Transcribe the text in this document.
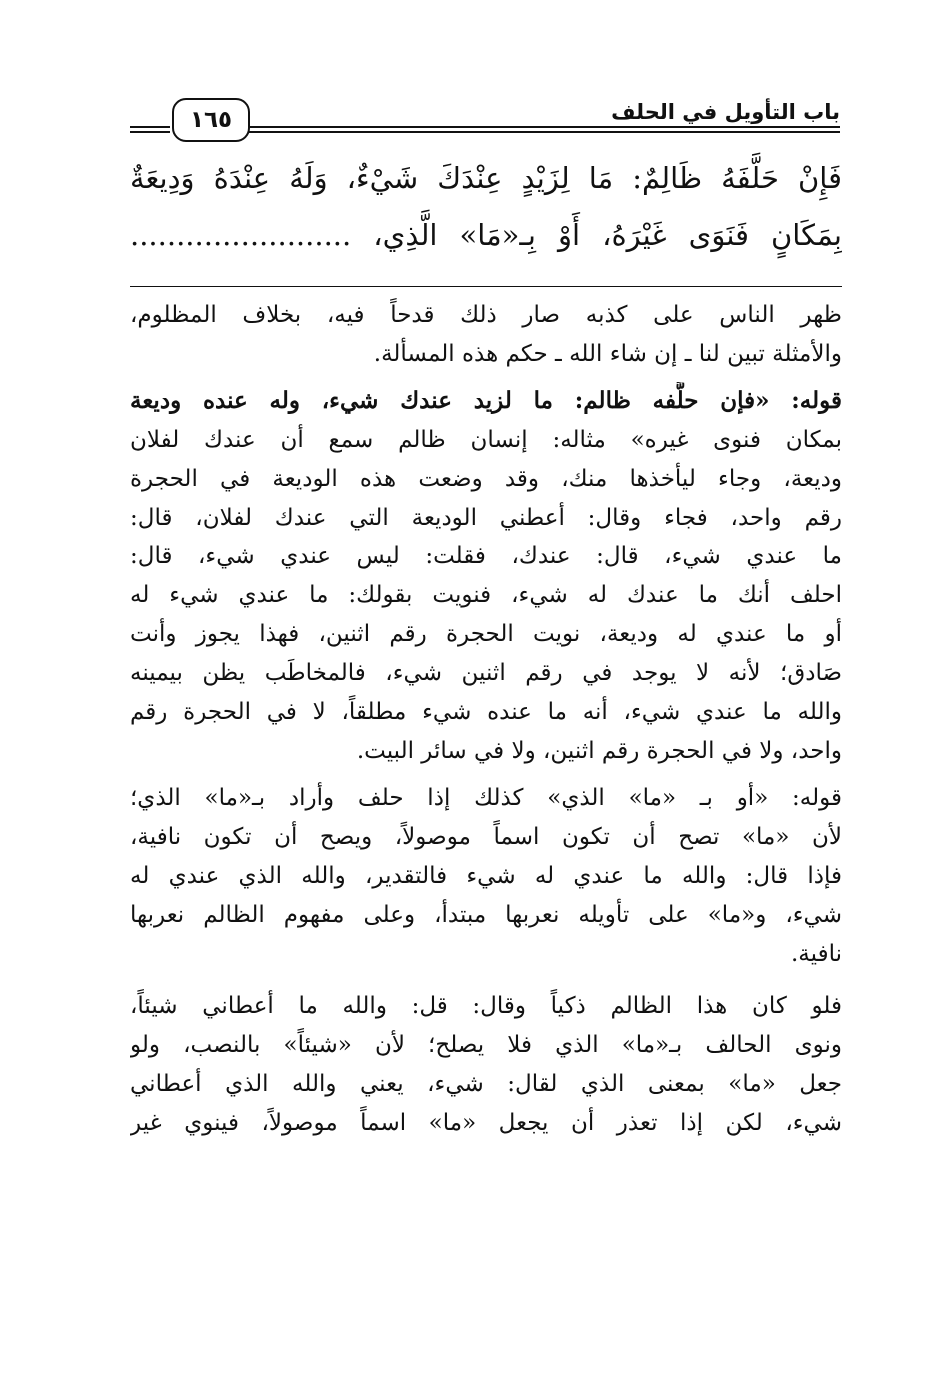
باب التأويل في الحلف
١٦٥
فَإِنْ حَلَّفَهُ ظَالِمٌ: مَا لِزَيْدٍ عِنْدَكَ شَيْءٌ، وَلَهُ عِنْدَهُ وَدِيعَةٌ
بِمَكَانٍ فَنَوَى غَيْرَهُ، أَوْ بِـ«مَا» الَّذِي، ........................
ظهر الناس على كذبه صار ذلك قدحاً فيه، بخلاف المظلوم،
والأمثلة تبين لنا ـ إن شاء الله ـ حكم هذه المسألة.
قوله: «فإن حلَّفه ظالم: ما لزيد عندك شيء، وله عنده وديعة
بمكان فنوى غيره» مثاله: إنسان ظالم سمع أن عندك لفلان
وديعة، وجاء ليأخذها منك، وقد وضعت هذه الوديعة في الحجرة
رقم واحد، فجاء وقال: أعطني الوديعة التي عندك لفلان، قال:
ما عندي شيء، قال: عندك، فقلت: ليس عندي شيء، قال:
احلف أنك ما عندك له شيء، فنويت بقولك: ما عندي شيء له
أو ما عندي له وديعة، نويت الحجرة رقم اثنين، فهذا يجوز وأنت
صَادق؛ لأنه لا يوجد في رقم اثنين شيء، فالمخاطَب يظن بيمينه
والله ما عندي شيء، أنه ما عنده شيء مطلقاً، لا في الحجرة رقم
واحد، ولا في الحجرة رقم اثنين، ولا في سائر البيت.
قوله: «أو بـ «ما» الذي» كذلك إذا حلف وأراد بـ«ما» الذي؛
لأن «ما» تصح أن تكون اسماً موصولاً، ويصح أن تكون نافية،
فإذا قال: والله ما عندي له شيء فالتقدير، والله الذي عندي له
شيء، و«ما» على تأويله نعربها مبتدأ، وعلى مفهوم الظالم نعربها
نافية.
فلو كان هذا الظالم ذكياً وقال: قل: والله ما أعطاني شيئاً،
ونوى الحالف بـ«ما» الذي فلا يصلح؛ لأن «شيئاً» بالنصب، ولو
جعل «ما» بمعنى الذي لقال: شيء، يعني والله الذي أعطاني
شيء، لكن إذا تعذر أن يجعل «ما» اسماً موصولاً، فينوي غير
